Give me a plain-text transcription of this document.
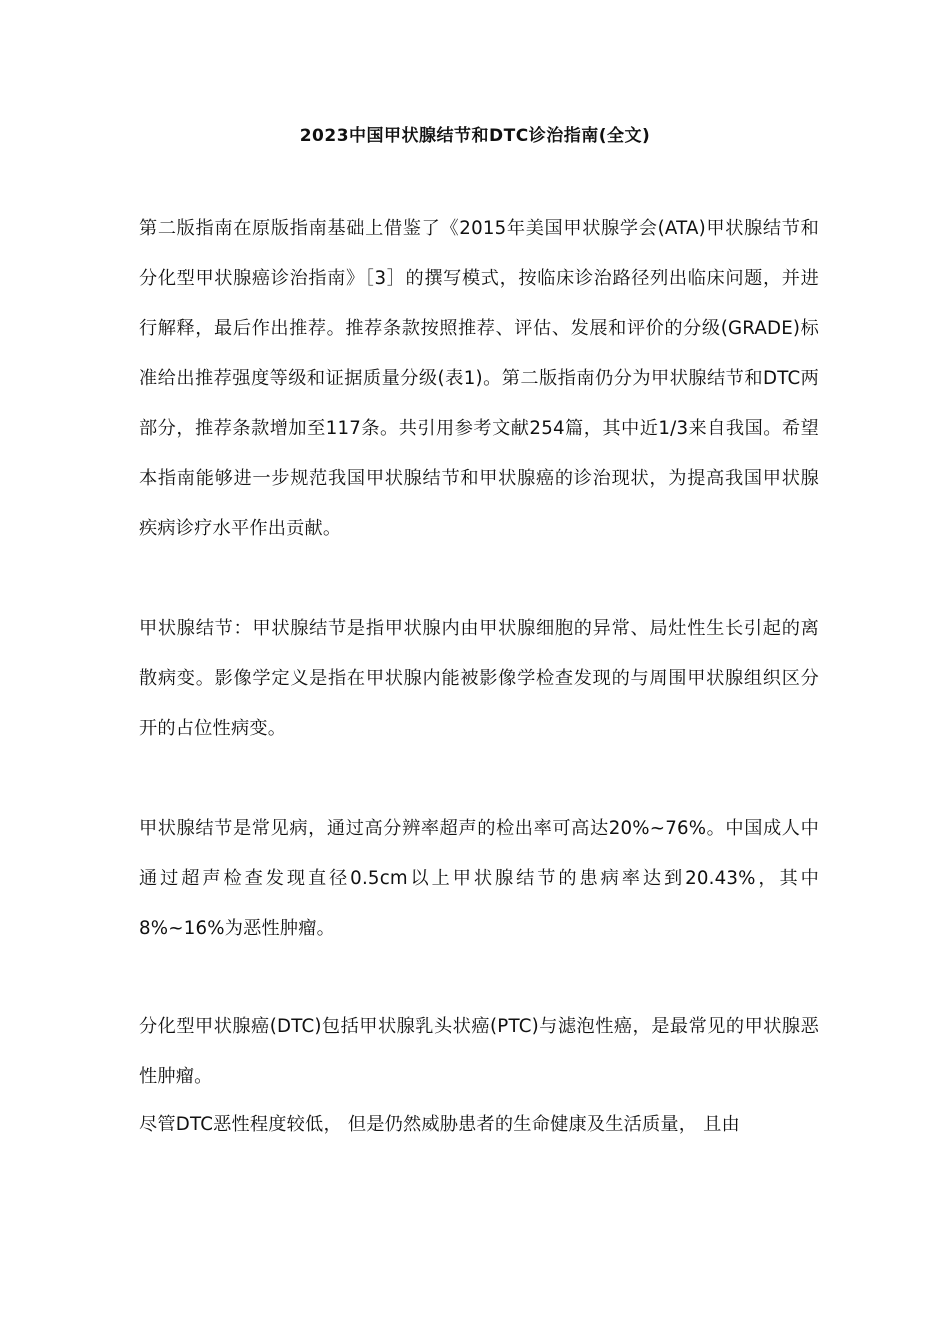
2023中国甲状腺结节和DTC诊治指南(全文)

第二版指南在原版指南基础上借鉴了《2015年美国甲状腺学会(ATA)甲状腺结节和分化型甲状腺癌诊治指南》［3］的撰写模式，按临床诊治路径列出临床问题，并进行解释，最后作出推荐。推荐条款按照推荐、评估、发展和评价的分级(GRADE)标准给出推荐强度等级和证据质量分级(表1)。第二版指南仍分为甲状腺结节和DTC两部分，推荐条款增加至117条。共引用参考文献254篇，其中近1/3来自我国。希望本指南能够进一步规范我国甲状腺结节和甲状腺癌的诊治现状，为提高我国甲状腺疾病诊疗水平作出贡献。

甲状腺结节：甲状腺结节是指甲状腺内由甲状腺细胞的异常、局灶性生长引起的离散病变。影像学定义是指在甲状腺内能被影像学检查发现的与周围甲状腺组织区分开的占位性病变。

甲状腺结节是常见病，通过高分辨率超声的检出率可高达20%~76%。中国成人中通过超声检查发现直径0.5cm以上甲状腺结节的患病率达到20.43%，其中8%~16%为恶性肿瘤。

分化型甲状腺癌(DTC)包括甲状腺乳头状癌(PTC)与滤泡性癌，是最常见的甲状腺恶性肿瘤。

尽管DTC恶性程度较低， 但是仍然威胁患者的生命健康及生活质量， 且由
